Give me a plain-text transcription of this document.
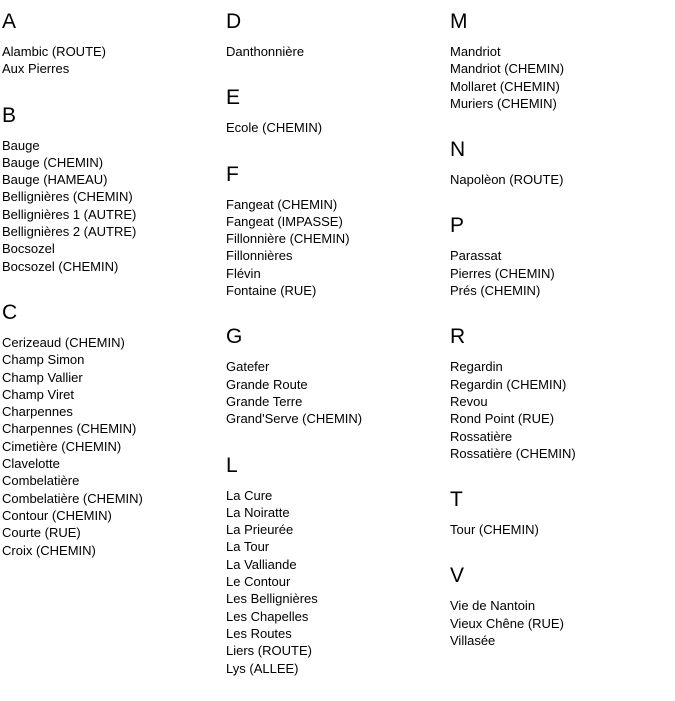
A
Alambic (ROUTE)
Aux Pierres
B
Bauge
Bauge (CHEMIN)
Bauge (HAMEAU)
Bellignières (CHEMIN)
Bellignières 1 (AUTRE)
Bellignières 2 (AUTRE)
Bocsozel
Bocsozel (CHEMIN)
C
Cerizeaud (CHEMIN)
Champ Simon
Champ Vallier
Champ Viret
Charpennes
Charpennes (CHEMIN)
Cimetière (CHEMIN)
Clavelotte
Combelatière
Combelatière (CHEMIN)
Contour (CHEMIN)
Courte (RUE)
Croix (CHEMIN)
D
Danthonnière
E
Ecole (CHEMIN)
F
Fangeat (CHEMIN)
Fangeat (IMPASSE)
Fillonnière (CHEMIN)
Fillonnières
Flévin
Fontaine (RUE)
G
Gatefer
Grande Route
Grande Terre
Grand'Serve (CHEMIN)
L
La Cure
La Noiratte
La Prieurée
La Tour
La Valliande
Le Contour
Les Bellignières
Les Chapelles
Les Routes
Liers (ROUTE)
Lys (ALLEE)
M
Mandriot
Mandriot (CHEMIN)
Mollaret (CHEMIN)
Muriers (CHEMIN)
N
Napolèon (ROUTE)
P
Parassat
Pierres (CHEMIN)
Prés (CHEMIN)
R
Regardin
Regardin (CHEMIN)
Revou
Rond Point (RUE)
Rossatière
Rossatière (CHEMIN)
T
Tour (CHEMIN)
V
Vie de Nantoin
Vieux Chêne (RUE)
Villasée
